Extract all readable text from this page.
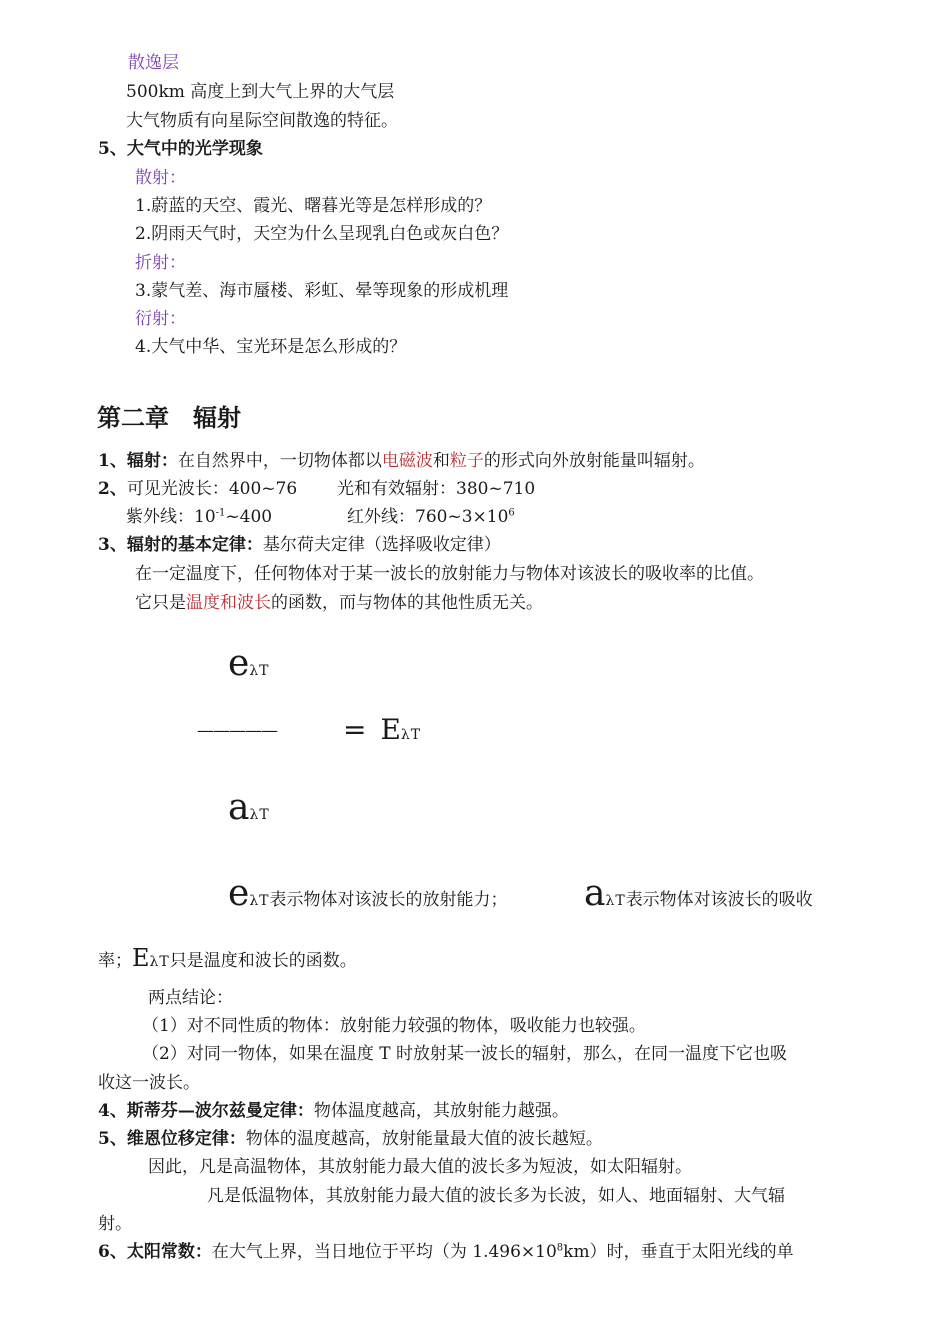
散逸层
500km 高度上到大气上界的大气层
大气物质有向星际空间散逸的特征。
5、大气中的光学现象
散射：
1.蔚蓝的天空、霞光、曙暮光等是怎样形成的？
2.阴雨天气时，天空为什么呈现乳白色或灰白色？
折射：
3.蒙气差、海市蜃楼、彩虹、晕等现象的形成机理
衍射：
4.大气中华、宝光环是怎么形成的？
第二章　辐射
1、辐射：在自然界中，一切物体都以电磁波和粒子的形式向外放射能量叫辐射。
2、可见光波长：400~76 光和有效辐射：380~710
紫外线：$10^{-1}\sim 400$	红外线：$760\sim 3\times 10^6$
3、辐射的基本定律：基尔荷夫定律（选择吸收定律）
在一定温度下，任何物体对于某一波长的放射能力与物体对该波长的吸收率的比值。
它只是温度和波长的函数，而与物体的其他性质无关。
eλT
————— = EλT
aλT
eλT表示物体对该波长的放射能力； aλT表示物体对该波长的吸收
率；EλT只是温度和波长的函数。
两点结论：
（1）对不同性质的物体：放射能力较强的物体，吸收能力也较强。
（2）对同一物体，如果在温度 T 时放射某一波长的辐射，那么，在同一温度下它也吸
收这一波长。
4、斯蒂芬—波尔兹曼定律：物体温度越高，其放射能力越强。
5、维恩位移定律：物体的温度越高，放射能量最大值的波长越短。
因此，凡是高温物体，其放射能力最大值的波长多为短波，如太阳辐射。
凡是低温物体，其放射能力最大值的波长多为长波，如人、地面辐射、大气辐
射。
6、太阳常数：在大气上界，当日地位于平均（为 $1.496\times 10^8km$）时，垂直于太阳光线的单
